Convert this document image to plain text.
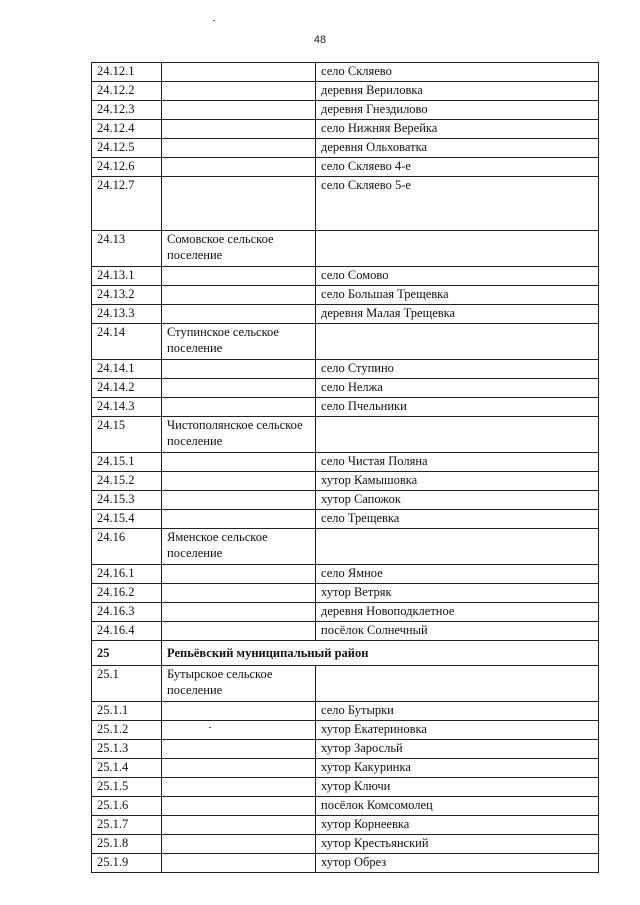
48
24.12.1		село Скляево
24.12.2		деревня Вериловка
24.12.3		деревня Гнездилово
24.12.4		село Нижняя Верейка
24.12.5		деревня Ольховатка
24.12.6		село Скляево 4-е
24.12.7		село Скляево 5-е
24.13	Сомовское сельское поселение	
24.13.1		село Сомово
24.13.2		село Большая Трещевка
24.13.3		деревня Малая Трещевка
24.14	Ступинское сельское поселение	
24.14.1		село Ступино
24.14.2		село Нелжа
24.14.3		село Пчельники
24.15	Чистополянское сельское поселение	
24.15.1		село Чистая Поляна
24.15.2		хутор Камышовка
24.15.3		хутор Сапожок
24.15.4		село Трещевка
24.16	Яменское сельское поселение	
24.16.1		село Ямное
24.16.2		хутор Ветряк
24.16.3		деревня Новоподклетное
24.16.4		посёлок Солнечный
25	Репьёвский муниципальный район	
25.1	Бутырское сельское поселение	
25.1.1		село Бутырки
25.1.2		хутор Екатериновка
25.1.3		хутор Заросльй
25.1.4		хутор Какуринка
25.1.5		хутор Ключи
25.1.6		посёлок Комсомолец
25.1.7		хутор Корнеевка
25.1.8		хутор Крестьянский
25.1.9		хутор Обрез
